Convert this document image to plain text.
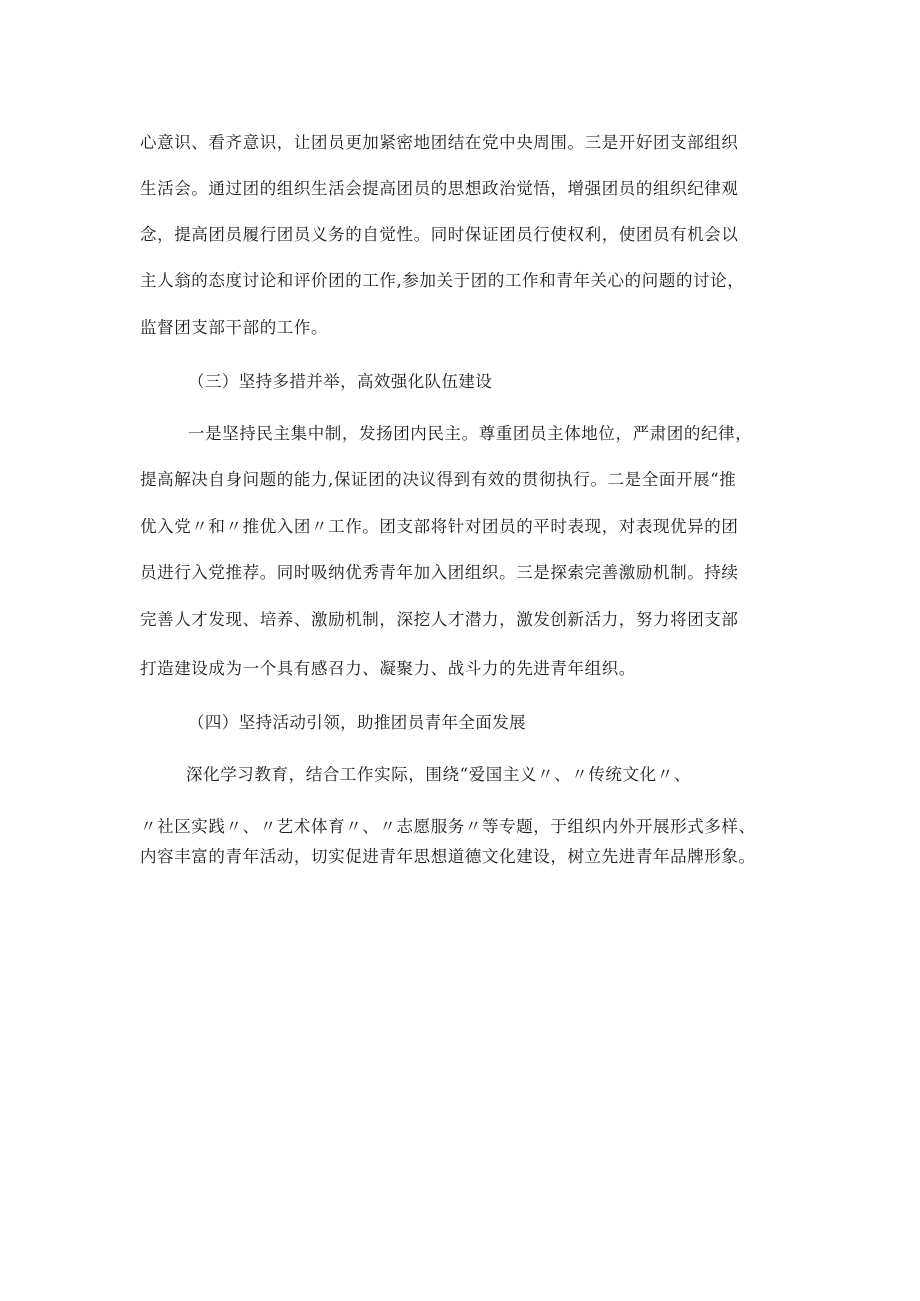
心意识、看齐意识，让团员更加紧密地团结在党中央周围。三是开好团支部组织
生活会。通过团的组织生活会提高团员的思想政治觉悟，增强团员的组织纪律观
念，提高团员履行团员义务的自觉性。同时保证团员行使权利，使团员有机会以
主人翁的态度讨论和评价团的工作,参加关于团的工作和青年关心的问题的讨论，
监督团支部干部的工作。
（三）坚持多措并举，高效强化队伍建设
一是坚持民主集中制，发扬团内民主。尊重团员主体地位，严肃团的纪律，
提高解决自身问题的能力,保证团的决议得到有效的贯彻执行。二是全面开展“推
优入党〃和〃推优入团〃工作。团支部将针对团员的平时表现，对表现优异的团
员进行入党推荐。同时吸纳优秀青年加入团组织。三是探索完善激励机制。持续
完善人才发现、培养、激励机制，深挖人才潜力，激发创新活力，努力将团支部
打造建设成为一个具有感召力、凝聚力、战斗力的先进青年组织。
（四）坚持活动引领，助推团员青年全面发展
深化学习教育，结合工作实际，围绕“爱国主义〃、〃传统文化〃、
〃社区实践〃、〃艺术体育〃、〃志愿服务〃等专题，于组织内外开展形式多样、
内容丰富的青年活动，切实促进青年思想道德文化建设，树立先进青年品牌形象。
